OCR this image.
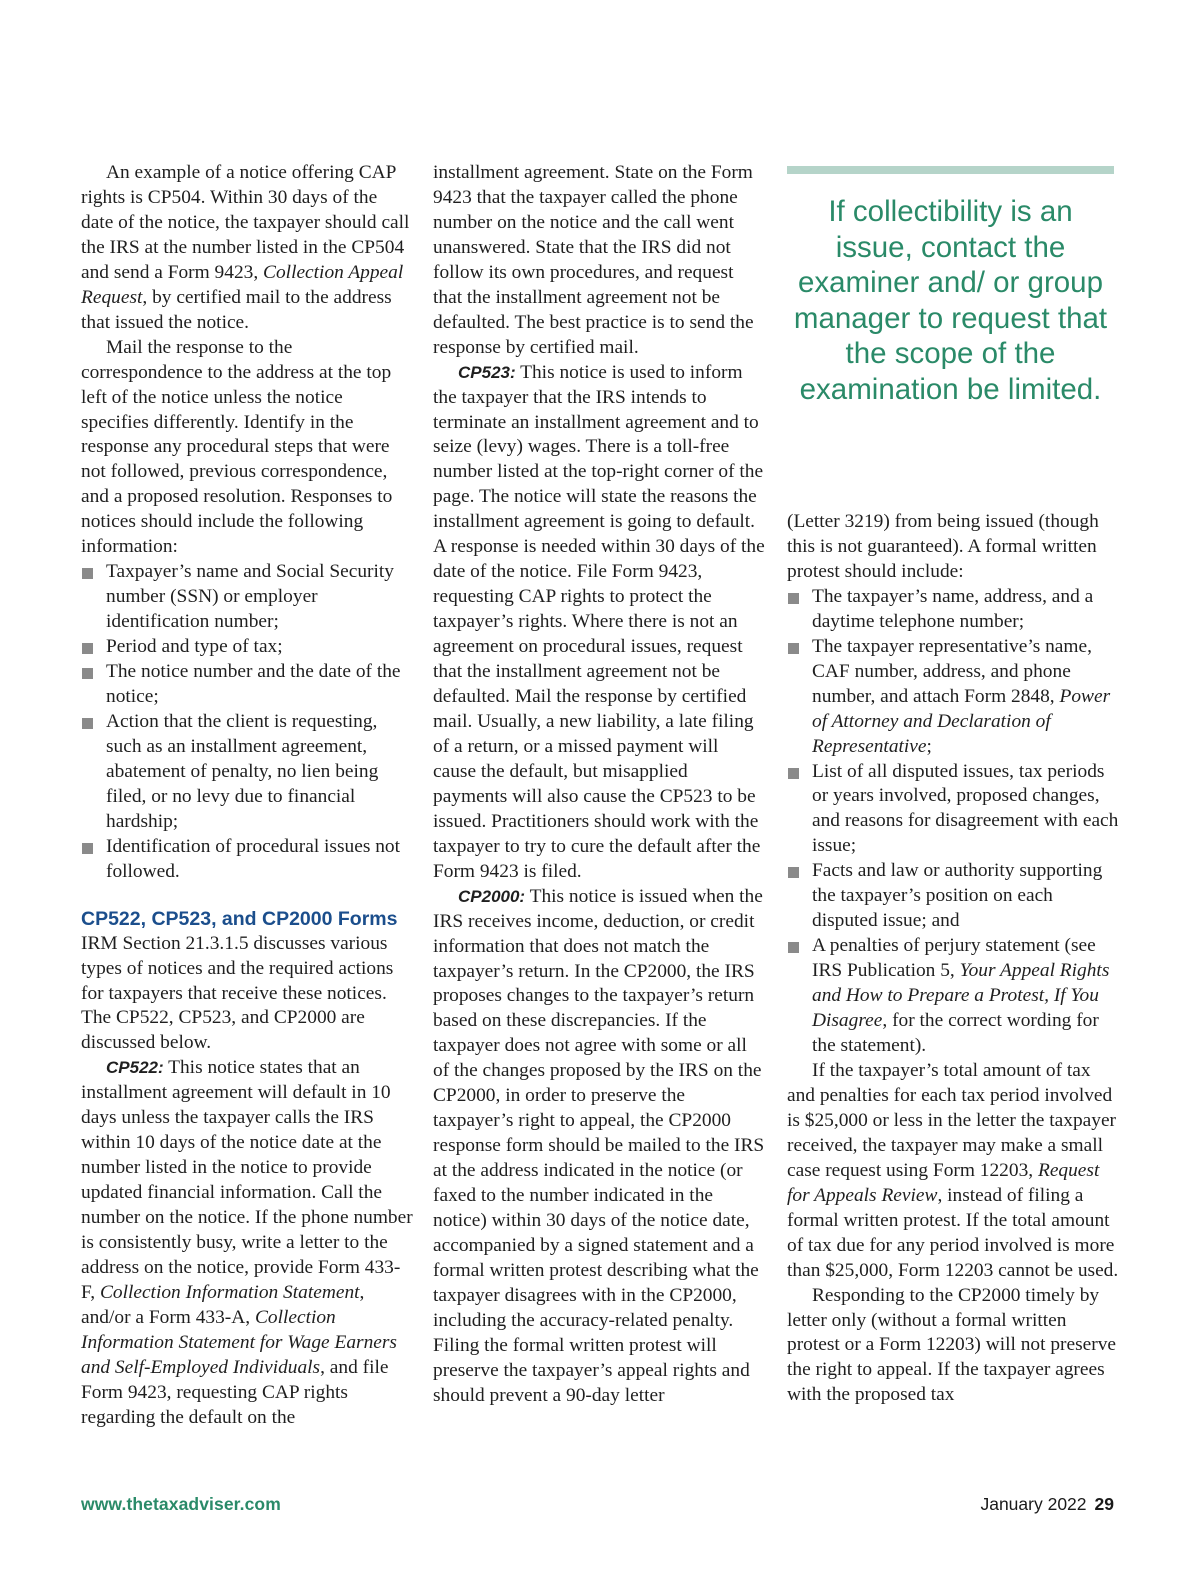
An example of a notice offering CAP rights is CP504. Within 30 days of the date of the notice, the taxpayer should call the IRS at the number listed in the CP504 and send a Form 9423, Collection Appeal Request, by certified mail to the address that issued the notice.

Mail the response to the correspondence to the address at the top left of the notice unless the notice specifies differently. Identify in the response any procedural steps that were not followed, previous correspondence, and a proposed resolution. Responses to notices should include the following information:

Taxpayer’s name and Social Security number (SSN) or employer identification number;
Period and type of tax;
The notice number and the date of the notice;
Action that the client is requesting, such as an installment agreement, abatement of penalty, no lien being filed, or no levy due to financial hardship;
Identification of procedural issues not followed.
CP522, CP523, and CP2000 Forms

IRM Section 21.3.1.5 discusses various types of notices and the required actions for taxpayers that receive these notices. The CP522, CP523, and CP2000 are discussed below.

CP522: This notice states that an installment agreement will default in 10 days unless the taxpayer calls the IRS within 10 days of the notice date at the number listed in the notice to provide updated financial information. Call the number on the notice. If the phone number is consistently busy, write a letter to the address on the notice, provide Form 433-F, Collection Information Statement, and/or a Form 433-A, Collection Information Statement for Wage Earners and Self-Employed Individuals, and file Form 9423, requesting CAP rights regarding the default on the

installment agreement. State on the Form 9423 that the taxpayer called the phone number on the notice and the call went unanswered. State that the IRS did not follow its own procedures, and request that the installment agreement not be defaulted. The best practice is to send the response by certified mail.

CP523: This notice is used to inform the taxpayer that the IRS intends to terminate an installment agreement and to seize (levy) wages. There is a toll-free number listed at the top-right corner of the page. The notice will state the reasons the installment agreement is going to default. A response is needed within 30 days of the date of the notice. File Form 9423, requesting CAP rights to protect the taxpayer’s rights. Where there is not an agreement on procedural issues, request that the installment agreement not be defaulted. Mail the response by certified mail. Usually, a new liability, a late filing of a return, or a missed payment will cause the default, but misapplied payments will also cause the CP523 to be issued. Practitioners should work with the taxpayer to try to cure the default after the Form 9423 is filed.

CP2000: This notice is issued when the IRS receives income, deduction, or credit information that does not match the taxpayer’s return. In the CP2000, the IRS proposes changes to the taxpayer’s return based on these discrepancies. If the taxpayer does not agree with some or all of the changes proposed by the IRS on the CP2000, in order to preserve the taxpayer’s right to appeal, the CP2000 response form should be mailed to the IRS at the address indicated in the notice (or faxed to the number indicated in the notice) within 30 days of the notice date, accompanied by a signed statement and a formal written protest describing what the taxpayer disagrees with in the CP2000, including the accuracy-related penalty. Filing the formal written protest will preserve the taxpayer’s appeal rights and should prevent a 90-day letter

If collectibility is an issue, contact the examiner and/ or group manager to request that the scope of the examination be limited.

(Letter 3219) from being issued (though this is not guaranteed). A formal written protest should include:

The taxpayer’s name, address, and a daytime telephone number;
The taxpayer representative’s name, CAF number, address, and phone number, and attach Form 2848, Power of Attorney and Declaration of Representative;
List of all disputed issues, tax periods or years involved, proposed changes, and reasons for disagreement with each issue;
Facts and law or authority supporting the taxpayer’s position on each disputed issue; and
A penalties of perjury statement (see IRS Publication 5, Your Appeal Rights and How to Prepare a Protest, If You Disagree, for the correct wording for the statement).

If the taxpayer’s total amount of tax and penalties for each tax period involved is $25,000 or less in the letter the taxpayer received, the taxpayer may make a small case request using Form 12203, Request for Appeals Review, instead of filing a formal written protest. If the total amount of tax due for any period involved is more than $25,000, Form 12203 cannot be used.

Responding to the CP2000 timely by letter only (without a formal written protest or a Form 12203) will not preserve the right to appeal. If the taxpayer agrees with the proposed tax

www.thetaxadviser.com	January 2022 29
